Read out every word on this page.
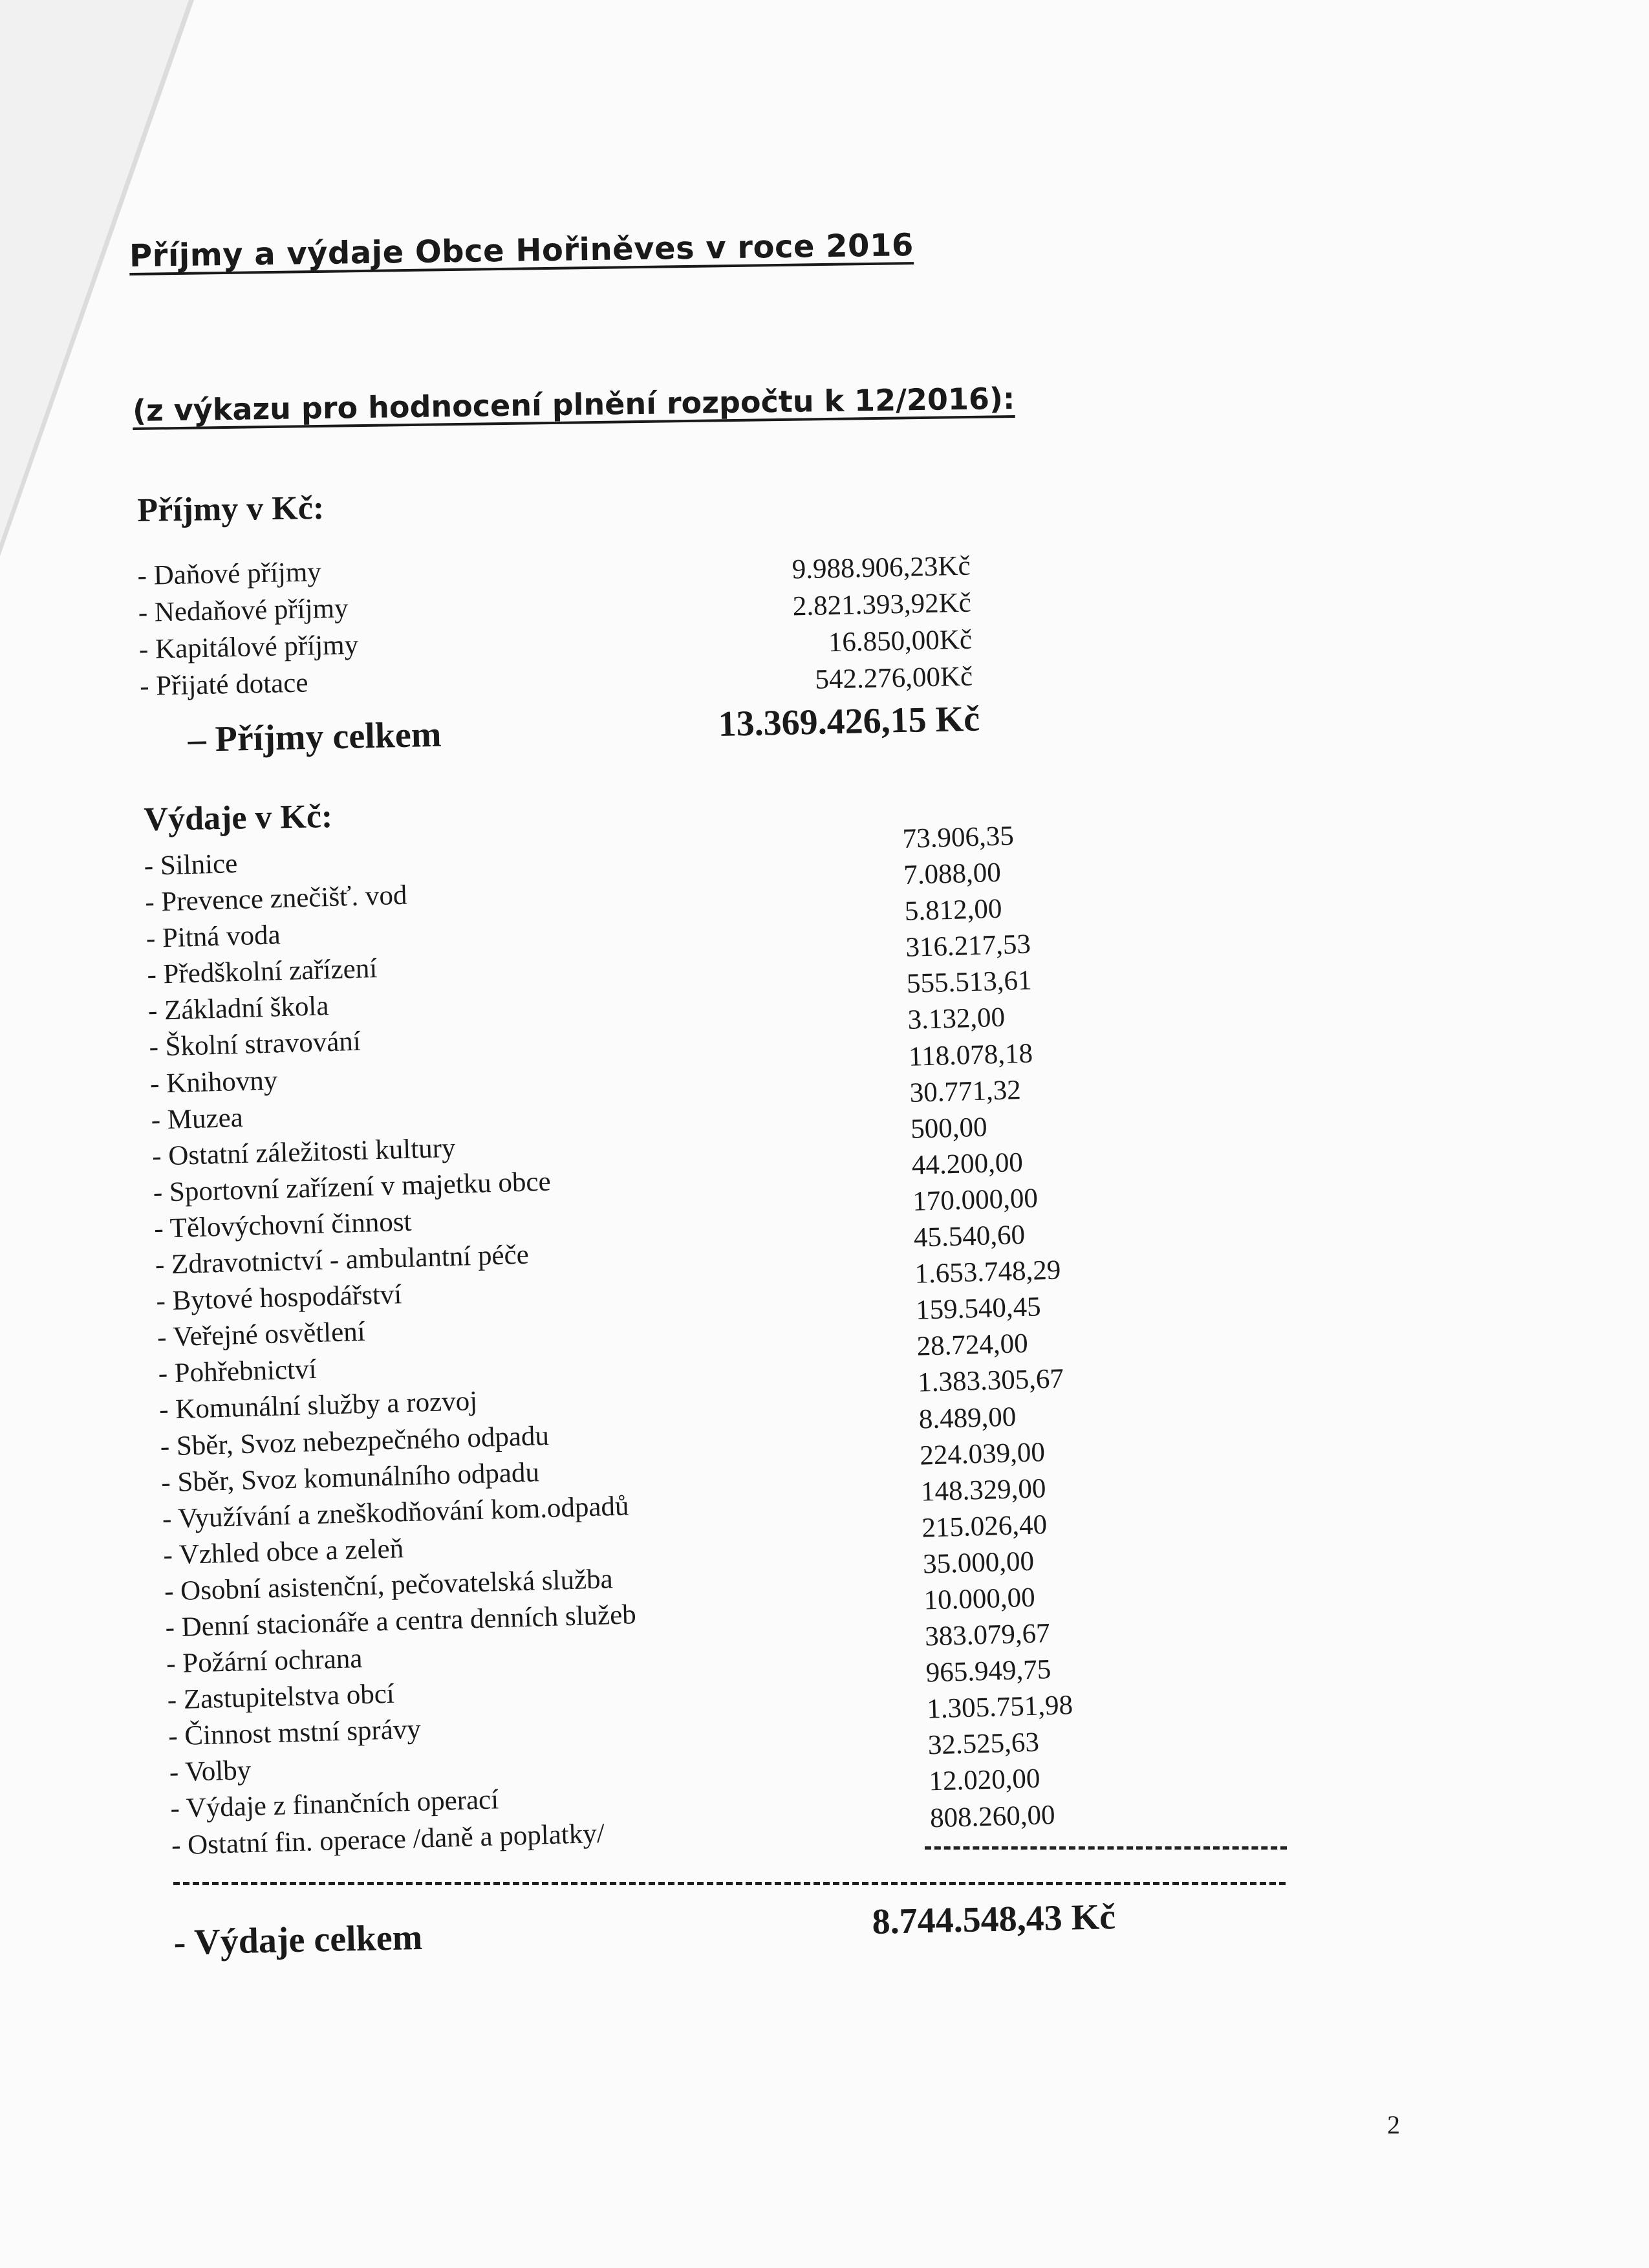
​
Příjmy a výdaje Obce Hořiněves v roce 2016
(z výkazu pro hodnocení plnění rozpočtu k 12/2016):
Příjmy v Kč:
- Daňové příjmy
- Nedaňové příjmy
- Kapitálové příjmy
- Přijaté dotace
9.988.906,23Kč
2.821.393,92Kč
16.850,00Kč
542.276,00Kč
– Příjmy celkem	13.369.426,15 Kč
Výdaje v Kč:
- Silnice
- Prevence znečišť. vod
- Pitná voda
- Předškolní zařízení
- Základní škola
- Školní stravování
- Knihovny
- Muzea
- Ostatní záležitosti kultury
- Sportovní zařízení v majetku obce
- Tělovýchovní činnost
- Zdravotnictví - ambulantní péče
- Bytové hospodářství
- Veřejné osvětlení
- Pohřebnictví
- Komunální služby a rozvoj
- Sběr, Svoz nebezpečného odpadu
- Sběr, Svoz komunálního odpadu
- Využívání a zneškodňování kom.odpadů
- Vzhled obce a zeleň
- Osobní asistenční, pečovatelská služba
- Denní stacionáře a centra denních služeb
- Požární ochrana
- Zastupitelstva obcí
- Činnost mstní správy
- Volby
- Výdaje z finančních operací
- Ostatní fin. operace /daně a poplatky/
73.906,35
7.088,00
5.812,00
316.217,53
555.513,61
3.132,00
118.078,18
30.771,32
500,00
44.200,00
170.000,00
45.540,60
1.653.748,29
159.540,45
28.724,00
1.383.305,67
8.489,00
224.039,00
148.329,00
215.026,40
35.000,00
10.000,00
383.079,67
965.949,75
1.305.751,98
32.525,63
12.020,00
808.260,00
- Výdaje celkem	8.744.548,43 Kč
2
